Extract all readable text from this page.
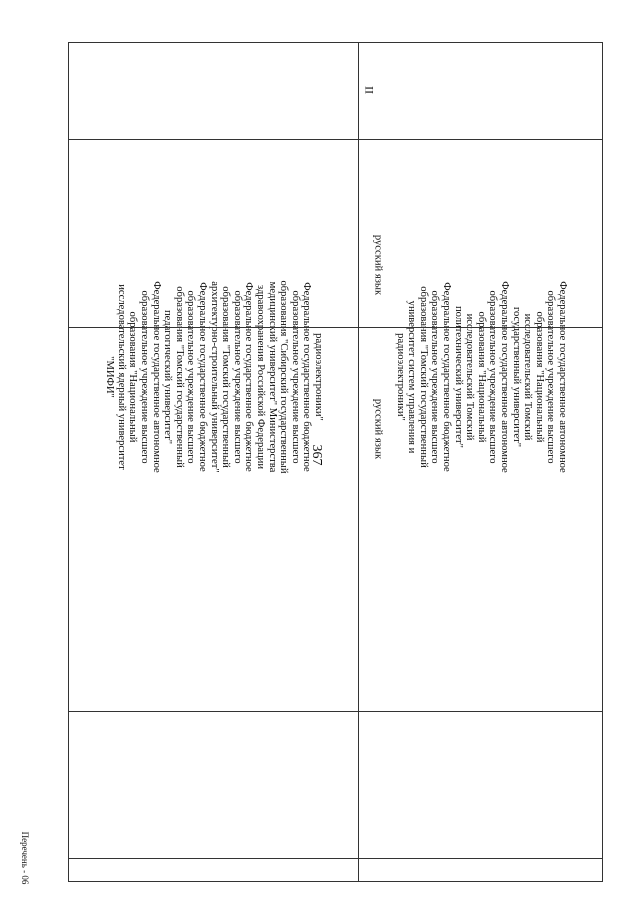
367
Перечень - 06
радиоэлектроники"
Федеральное государственное бюджетное
образовательное учреждение высшего
образования "Сибирский государственный
медицинский университет" Министерства
здравоохранения Российской Федерации
Федеральное государственное бюджетное
образовательное учреждение высшего
образования "Томский государственный
архитектурно-строительный университет"
Федеральное государственное бюджетное
образовательное учреждение высшего
образования "Томский государственный
педагогический университет"
Федеральное государственное автономное
образовательное учреждение высшего
образования "Национальный
исследовательский ядерный университет
"МИФИ"	Федеральное государственное автономное
образовательное учреждение высшего
образования "Национальный
исследовательский Томский
государственный университет"
Федеральное государственное автономное
образовательное учреждение высшего
образования "Национальный
исследовательский Томский
политехнический университет"
Федеральное государственное бюджетное
образовательное учреждение высшего
образования "Томский государственный
университет систем управления и
радиоэлектроники"
русский язык
русский язык
II
